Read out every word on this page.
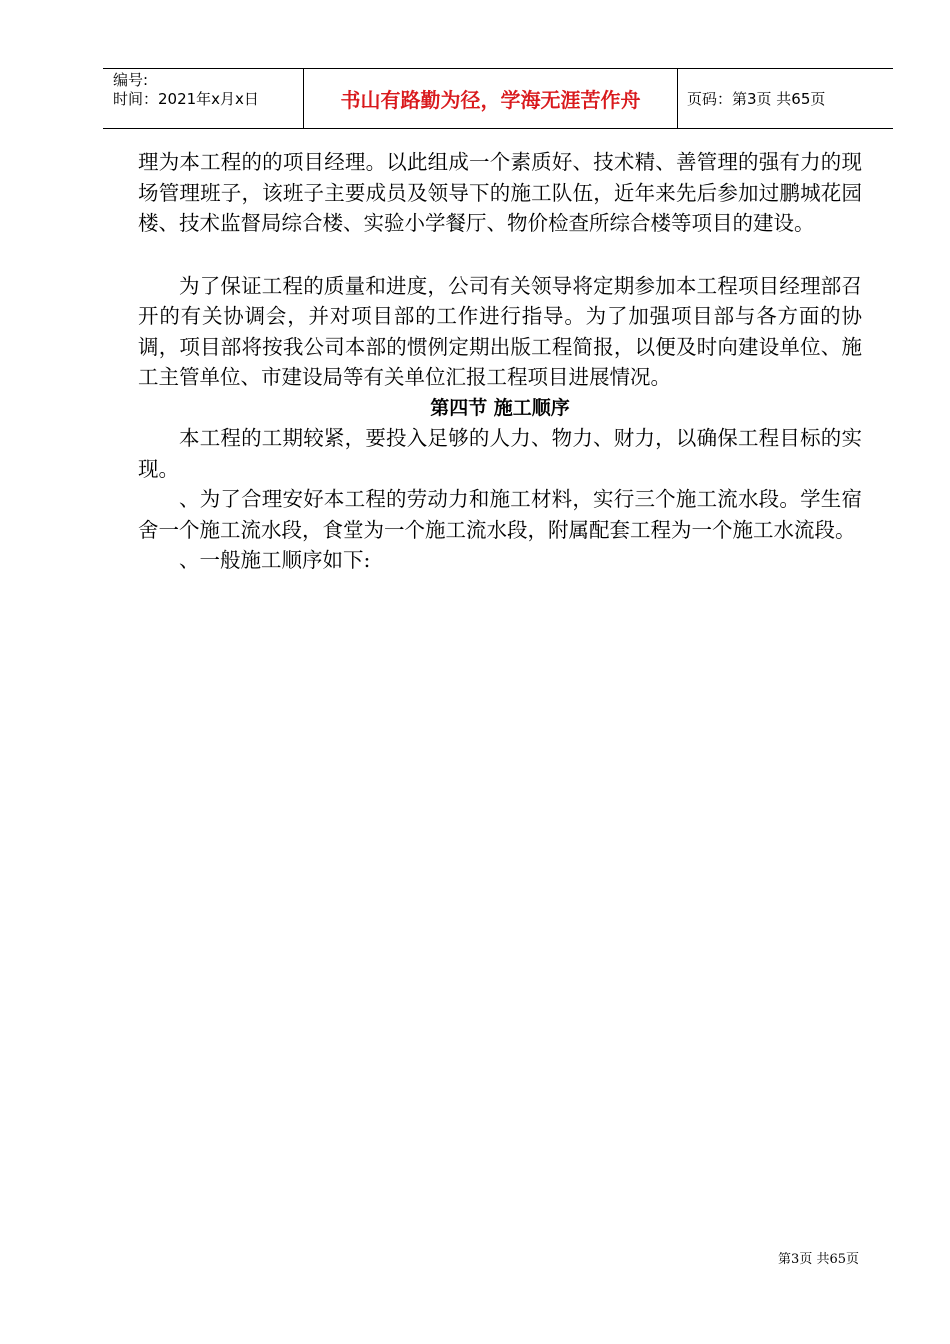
编号:
时间：2021年x月x日	书山有路勤为径，学海无涯苦作舟	页码：第3页 共65页

理为本工程的的项目经理。以此组成一个素质好、技术精、善管理的强有力的现场管理班子，该班子主要成员及领导下的施工队伍，近年来先后参加过鹏城花园楼、技术监督局综合楼、实验小学餐厅、物价检查所综合楼等项目的建设。

为了保证工程的质量和进度，公司有关领导将定期参加本工程项目经理部召开的有关协调会，并对项目部的工作进行指导。为了加强项目部与各方面的协调，项目部将按我公司本部的惯例定期出版工程简报，以便及时向建设单位、施工主管单位、市建设局等有关单位汇报工程项目进展情况。

第四节 施工顺序

本工程的工期较紧，要投入足够的人力、物力、财力，以确保工程目标的实现。

、为了合理安好本工程的劳动力和施工材料，实行三个施工流水段。学生宿舍一个施工流水段，食堂为一个施工流水段，附属配套工程为一个施工水流段。

、一般施工顺序如下:

第3页 共65页
